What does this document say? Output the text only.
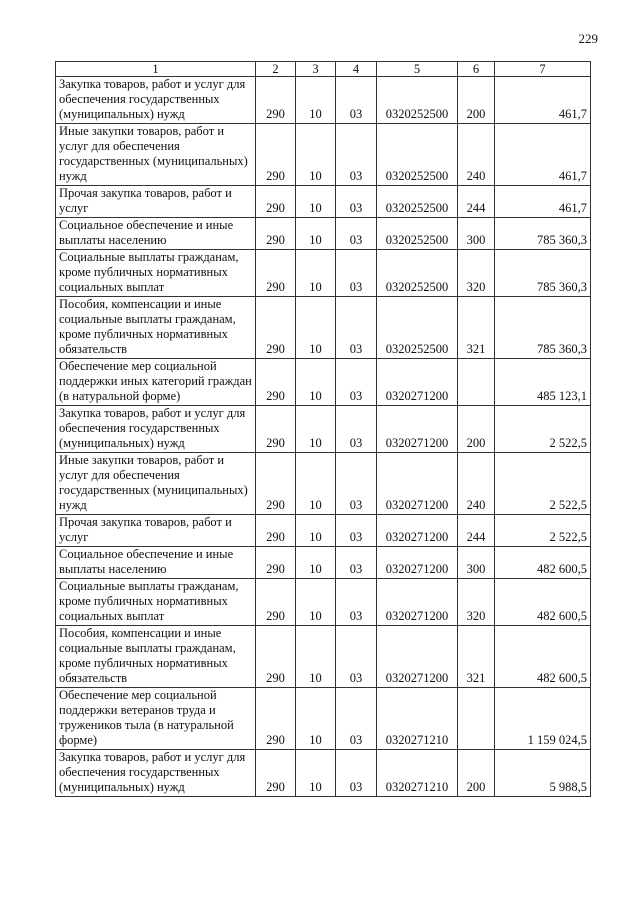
229
1	2	3	4	5	6	7
Закупка товаров, работ и услуг для обеспечения государственных (муниципальных) нужд	290	10	03	0320252500	200	461,7
Иные закупки товаров, работ и услуг для обеспечения государственных (муниципальных) нужд	290	10	03	0320252500	240	461,7
Прочая закупка товаров, работ и услуг	290	10	03	0320252500	244	461,7
Социальное обеспечение и иные выплаты населению	290	10	03	0320252500	300	785 360,3
Социальные выплаты гражданам, кроме публичных нормативных социальных выплат	290	10	03	0320252500	320	785 360,3
Пособия, компенсации и иные социальные выплаты гражданам, кроме публичных нормативных обязательств	290	10	03	0320252500	321	785 360,3
Обеспечение мер социальной поддержки иных категорий граждан (в натуральной форме)	290	10	03	0320271200		485 123,1
Закупка товаров, работ и услуг для обеспечения государственных (муниципальных) нужд	290	10	03	0320271200	200	2 522,5
Иные закупки товаров, работ и услуг для обеспечения государственных (муниципальных) нужд	290	10	03	0320271200	240	2 522,5
Прочая закупка товаров, работ и услуг	290	10	03	0320271200	244	2 522,5
Социальное обеспечение и иные выплаты населению	290	10	03	0320271200	300	482 600,5
Социальные выплаты гражданам, кроме публичных нормативных социальных выплат	290	10	03	0320271200	320	482 600,5
Пособия, компенсации и иные социальные выплаты гражданам, кроме публичных нормативных обязательств	290	10	03	0320271200	321	482 600,5
Обеспечение мер социальной поддержки ветеранов труда и тружеников тыла (в натуральной форме)	290	10	03	0320271210		1 159 024,5
Закупка товаров, работ и услуг для обеспечения государственных (муниципальных) нужд	290	10	03	0320271210	200	5 988,5
